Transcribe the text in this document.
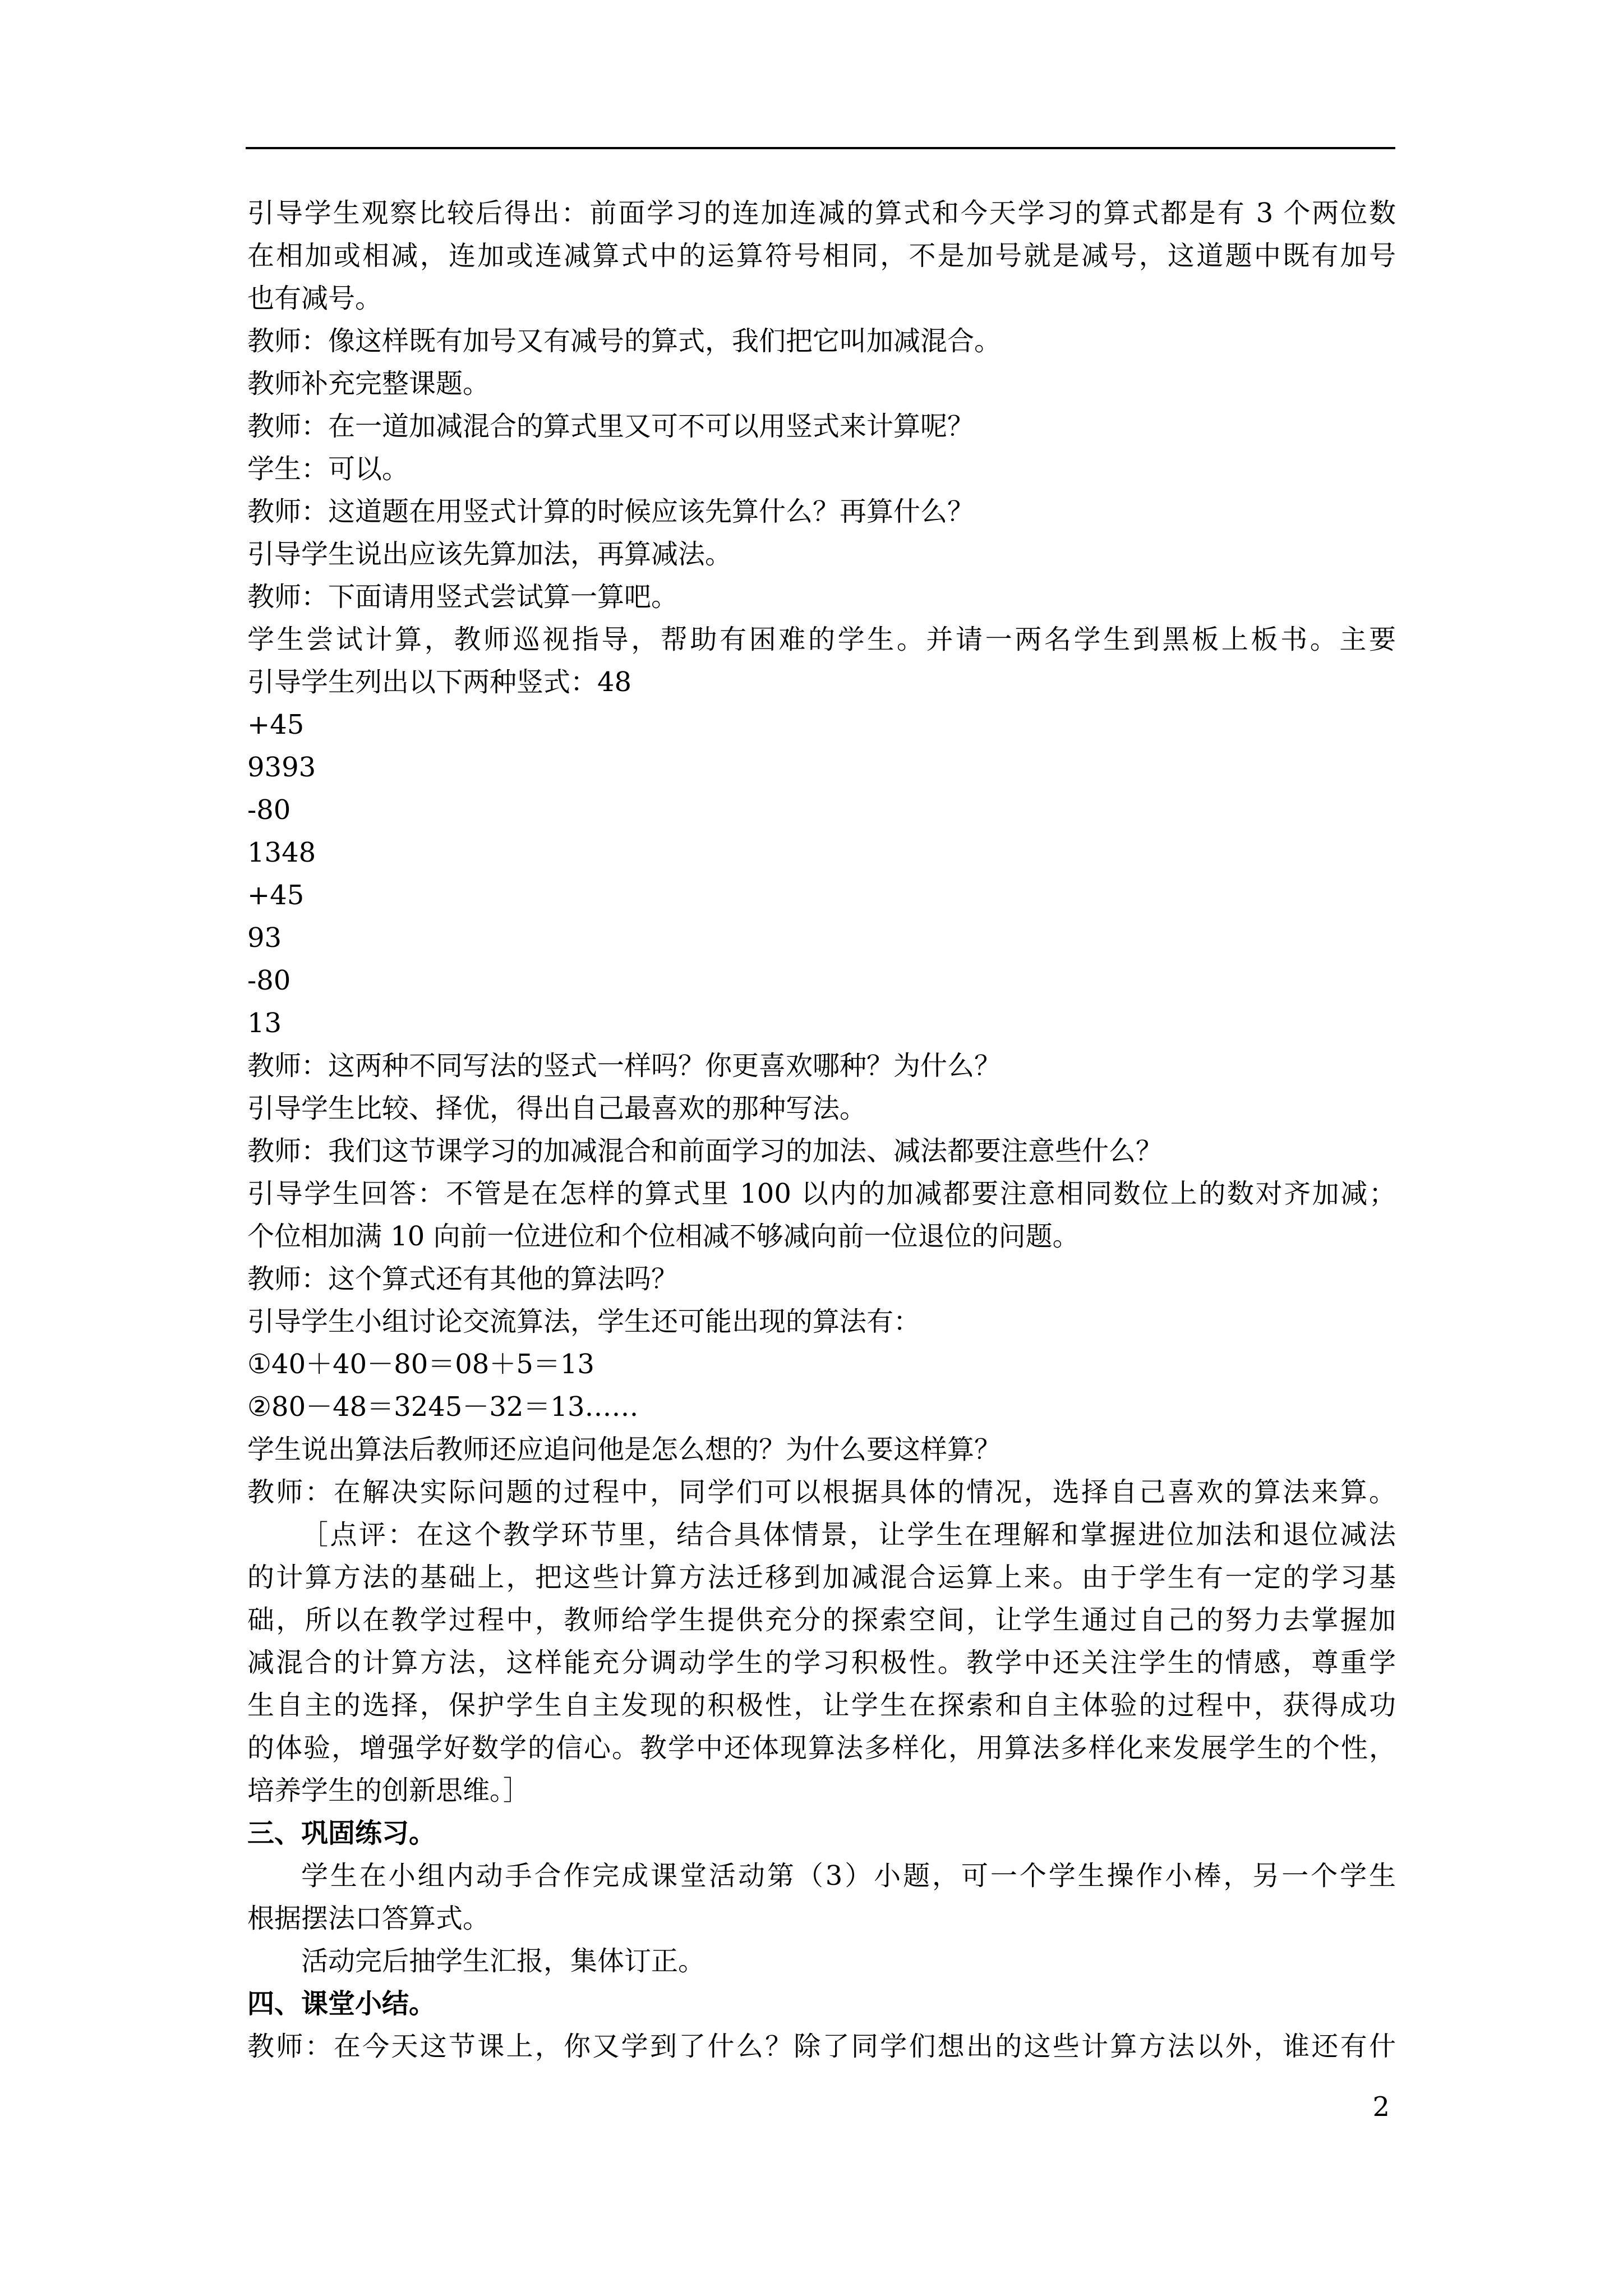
引导学生观察比较后得出：前面学习的连加连减的算式和今天学习的算式都是有 3 个两位数
在相加或相减，连加或连减算式中的运算符号相同，不是加号就是减号，这道题中既有加号
也有减号。
教师：像这样既有加号又有减号的算式，我们把它叫加减混合。
教师补充完整课题。
教师：在一道加减混合的算式里又可不可以用竖式来计算呢？
学生：可以。
教师：这道题在用竖式计算的时候应该先算什么？再算什么？
引导学生说出应该先算加法，再算减法。
教师：下面请用竖式尝试算一算吧。
学生尝试计算，教师巡视指导，帮助有困难的学生。并请一两名学生到黑板上板书。主要
引导学生列出以下两种竖式：48
+45
9393
-80
1348
+45
93
-80
13
教师：这两种不同写法的竖式一样吗？你更喜欢哪种？为什么？
引导学生比较、择优，得出自己最喜欢的那种写法。
教师：我们这节课学习的加减混合和前面学习的加法、减法都要注意些什么？
引导学生回答：不管是在怎样的算式里 100 以内的加减都要注意相同数位上的数对齐加减；
个位相加满 10 向前一位进位和个位相减不够减向前一位退位的问题。
教师：这个算式还有其他的算法吗？
引导学生小组讨论交流算法，学生还可能出现的算法有：
①40＋40－80＝08＋5＝13
②80－48＝3245－32＝13……
学生说出算法后教师还应追问他是怎么想的？为什么要这样算？
教师：在解决实际问题的过程中，同学们可以根据具体的情况，选择自己喜欢的算法来算。
［点评：在这个教学环节里，结合具体情景，让学生在理解和掌握进位加法和退位减法
的计算方法的基础上，把这些计算方法迁移到加减混合运算上来。由于学生有一定的学习基
础，所以在教学过程中，教师给学生提供充分的探索空间，让学生通过自己的努力去掌握加
减混合的计算方法，这样能充分调动学生的学习积极性。教学中还关注学生的情感，尊重学
生自主的选择，保护学生自主发现的积极性，让学生在探索和自主体验的过程中，获得成功
的体验，增强学好数学的信心。教学中还体现算法多样化，用算法多样化来发展学生的个性，
培养学生的创新思维。］
三、巩固练习。
学生在小组内动手合作完成课堂活动第（3）小题，可一个学生操作小棒，另一个学生
根据摆法口答算式。
活动完后抽学生汇报，集体订正。
四、课堂小结。
教师：在今天这节课上，你又学到了什么？除了同学们想出的这些计算方法以外，谁还有什
2
